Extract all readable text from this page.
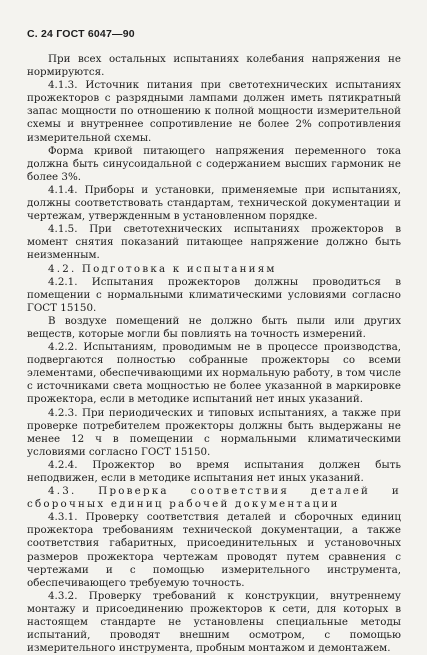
С. 24 ГОСТ 6047—90

При всех остальных испытаниях колебания напряжения не нормируются.

4.1.3. Источник питания при светотехнических испытаниях прожекторов с разрядными лампами должен иметь пятикратный запас мощности по отношению к полной мощности измерительной схемы и внутреннее сопротивление не более 2% сопротивления измерительной схемы.

Форма кривой питающего напряжения переменного тока должна быть синусоидальной с содержанием высших гармоник не более 3%.

4.1.4. Приборы и установки, применяемые при испытаниях, должны соответствовать стандартам, технической документации и чертежам, утвержденным в установленном порядке.

4.1.5. При светотехнических испытаниях прожекторов в момент снятия показаний питающее напряжение должно быть неизменным.

4.2. Подготовка к испытаниям

4.2.1. Испытания прожекторов должны проводиться в помещении с нормальными климатическими условиями согласно ГОСТ 15150.

В воздухе помещений не должно быть пыли или других веществ, которые могли бы повлиять на точность измерений.

4.2.2. Испытаниям, проводимым не в процессе производства, подвергаются полностью собранные прожекторы со всеми элементами, обеспечивающими их нормальную работу, в том числе с источниками света мощностью не более указанной в маркировке прожектора, если в методике испытаний нет иных указаний.

4.2.3. При периодических и типовых испытаниях, а также при проверке потребителем прожекторы должны быть выдержаны не менее 12 ч в помещении с нормальными климатическими условиями согласно ГОСТ 15150.

4.2.4. Прожектор во время испытания должен быть неподвижен, если в методике испытания нет иных указаний.

4.3. Проверка соответствия деталей и сборочных единиц рабочей документации

4.3.1. Проверку соответствия деталей и сборочных единиц прожектора требованиям технической документации, а также соответствия габаритных, присоединительных и установочных размеров прожектора чертежам проводят путем сравнения с чертежами и с помощью измерительного инструмента, обеспечивающего требуемую точность.

4.3.2. Проверку требований к конструкции, внутреннему монтажу и присоединению прожекторов к сети, для которых в настоящем стандарте не установлены специальные методы испытаний, проводят внешним осмотром, с помощью измерительного инструмента, пробным монтажом и демонтажем.
